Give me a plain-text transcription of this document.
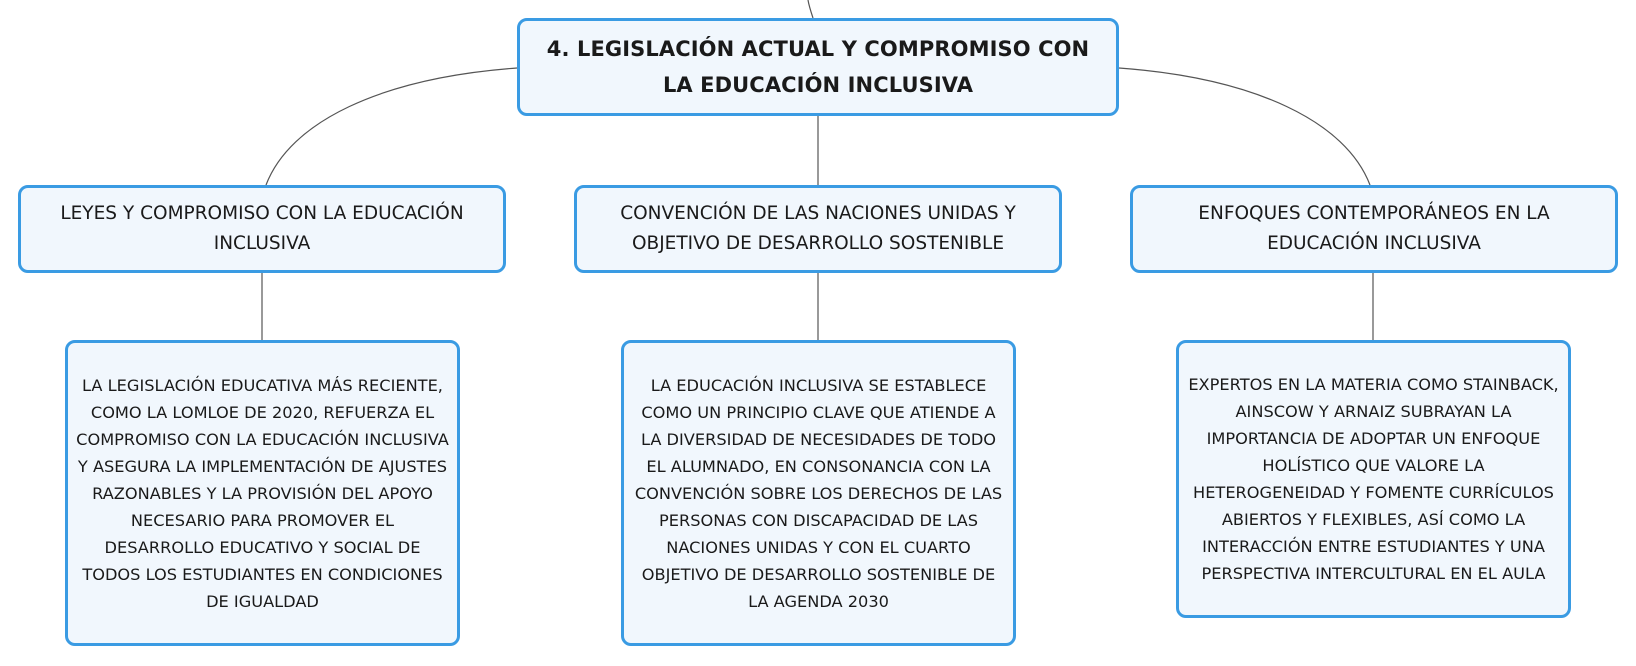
4. LEGISLACIÓN ACTUAL Y COMPROMISO CON LA EDUCACIÓN INCLUSIVA
LEYES Y COMPROMISO CON LA EDUCACIÓN INCLUSIVA
CONVENCIÓN DE LAS NACIONES UNIDAS Y OBJETIVO DE DESARROLLO SOSTENIBLE
ENFOQUES CONTEMPORÁNEOS EN LA EDUCACIÓN INCLUSIVA
LA LEGISLACIÓN EDUCATIVA MÁS RECIENTE, COMO LA LOMLOE DE 2020, REFUERZA EL COMPROMISO CON LA EDUCACIÓN INCLUSIVA Y ASEGURA LA IMPLEMENTACIÓN DE AJUSTES RAZONABLES Y LA PROVISIÓN DEL APOYO NECESARIO PARA PROMOVER EL DESARROLLO EDUCATIVO Y SOCIAL DE TODOS LOS ESTUDIANTES EN CONDICIONES DE IGUALDAD
LA EDUCACIÓN INCLUSIVA SE ESTABLECE COMO UN PRINCIPIO CLAVE QUE ATIENDE A LA DIVERSIDAD DE NECESIDADES DE TODO EL ALUMNADO, EN CONSONANCIA CON LA CONVENCIÓN SOBRE LOS DERECHOS DE LAS PERSONAS CON DISCAPACIDAD DE LAS NACIONES UNIDAS Y CON EL CUARTO OBJETIVO DE DESARROLLO SOSTENIBLE DE LA AGENDA 2030
EXPERTOS EN LA MATERIA COMO STAINBACK, AINSCOW Y ARNAIZ SUBRAYAN LA IMPORTANCIA DE ADOPTAR UN ENFOQUE HOLÍSTICO QUE VALORE LA HETEROGENEIDAD Y FOMENTE CURRÍCULOS ABIERTOS Y FLEXIBLES, ASÍ COMO LA INTERACCIÓN ENTRE ESTUDIANTES Y UNA PERSPECTIVA INTERCULTURAL EN EL AULA
